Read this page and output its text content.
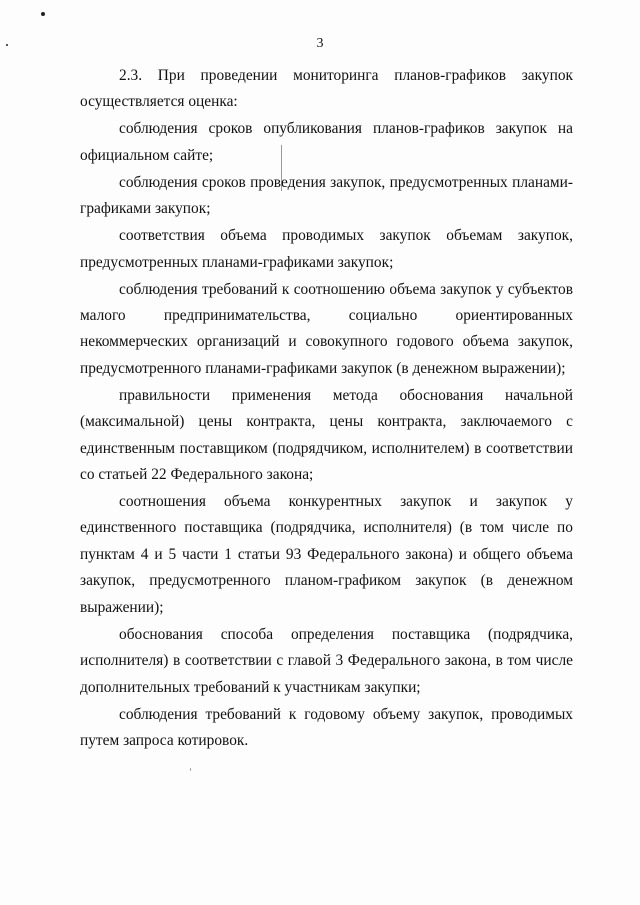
3

2.3. При проведении мониторинга планов-графиков закупок осуществляется оценка:

соблюдения сроков опубликования планов-графиков закупок на официальном сайте;

соблюдения сроков проведения закупок, предусмотренных планами-графиками закупок;

соответствия объема проводимых закупок объемам закупок, предусмотренных планами-графиками закупок;

соблюдения требований к соотношению объема закупок у субъектов малого предпринимательства, социально ориентированных некоммерческих организаций и совокупного годового объема закупок, предусмотренного планами-графиками закупок (в денежном выражении);

правильности применения метода обоснования начальной (максимальной) цены контракта, цены контракта, заключаемого с единственным поставщиком (подрядчиком, исполнителем) в соответствии со статьей 22 Федерального закона;

соотношения объема конкурентных закупок и закупок у единственного поставщика (подрядчика, исполнителя) (в том числе по пунктам 4 и 5 части 1 статьи 93 Федерального закона) и общего объема закупок, предусмотренного планом-графиком закупок (в денежном выражении);

обоснования способа определения поставщика (подрядчика, исполнителя) в соответствии с главой 3 Федерального закона, в том числе дополнительных требований к участникам закупки;

соблюдения требований к годовому объему закупок, проводимых путем запроса котировок.
